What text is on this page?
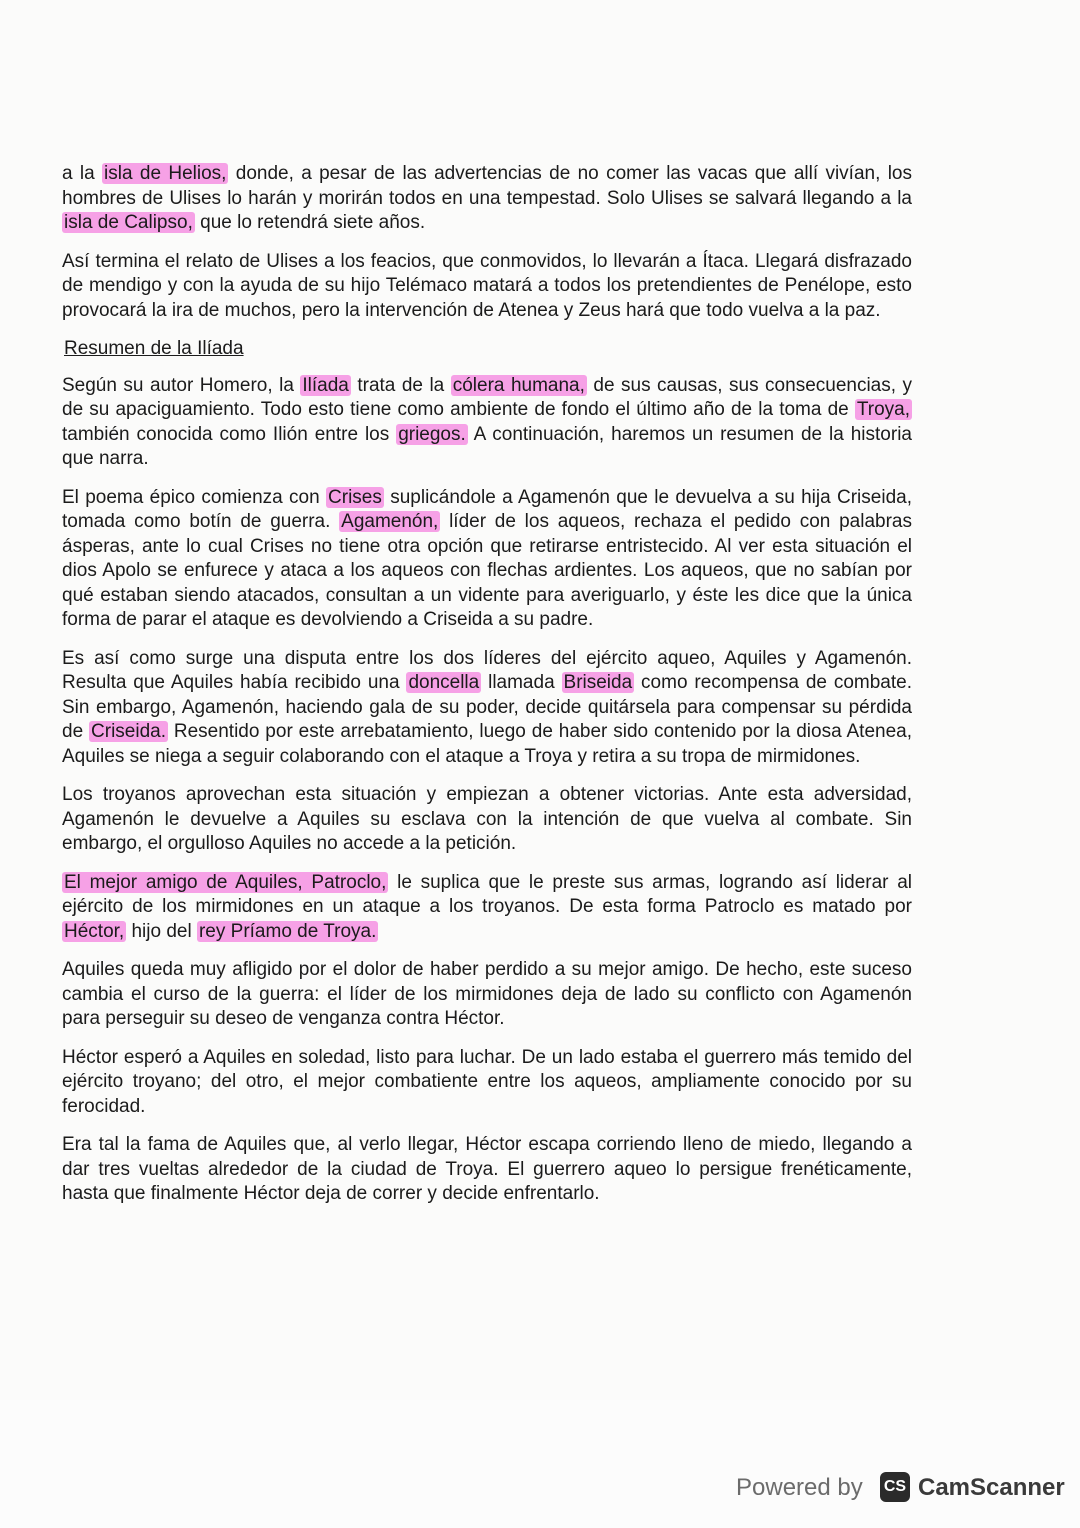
a la isla de Helios, donde, a pesar de las advertencias de no comer las vacas que allí vivían, los hombres de Ulises lo harán y morirán todos en una tempestad. Solo Ulises se salvará llegando a la isla de Calipso, que lo retendrá siete años.

Así termina el relato de Ulises a los feacios, que conmovidos, lo llevarán a Ítaca. Llegará disfrazado de mendigo y con la ayuda de su hijo Telémaco matará a todos los pretendientes de Penélope, esto provocará la ira de muchos, pero la intervención de Atenea y Zeus hará que todo vuelva a la paz.

Resumen de la Ilíada

Según su autor Homero, la Ilíada trata de la cólera humana, de sus causas, sus consecuencias, y de su apaciguamiento. Todo esto tiene como ambiente de fondo el último año de la toma de Troya, también conocida como Ilión entre los griegos. A continuación, haremos un resumen de la historia que narra.

El poema épico comienza con Crises suplicándole a Agamenón que le devuelva a su hija Criseida, tomada como botín de guerra. Agamenón, líder de los aqueos, rechaza el pedido con palabras ásperas, ante lo cual Crises no tiene otra opción que retirarse entristecido. Al ver esta situación el dios Apolo se enfurece y ataca a los aqueos con flechas ardientes. Los aqueos, que no sabían por qué estaban siendo atacados, consultan a un vidente para averiguarlo, y éste les dice que la única forma de parar el ataque es devolviendo a Criseida a su padre.

Es así como surge una disputa entre los dos líderes del ejército aqueo, Aquiles y Agamenón. Resulta que Aquiles había recibido una doncella llamada Briseida como recompensa de combate. Sin embargo, Agamenón, haciendo gala de su poder, decide quitársela para compensar su pérdida de Criseida. Resentido por este arrebatamiento, luego de haber sido contenido por la diosa Atenea, Aquiles se niega a seguir colaborando con el ataque a Troya y retira a su tropa de mirmidones.

Los troyanos aprovechan esta situación y empiezan a obtener victorias. Ante esta adversidad, Agamenón le devuelve a Aquiles su esclava con la intención de que vuelva al combate. Sin embargo, el orgulloso Aquiles no accede a la petición.

El mejor amigo de Aquiles, Patroclo, le suplica que le preste sus armas, logrando así liderar al ejército de los mirmidones en un ataque a los troyanos. De esta forma Patroclo es matado por Héctor, hijo del rey Príamo de Troya.

Aquiles queda muy afligido por el dolor de haber perdido a su mejor amigo. De hecho, este suceso cambia el curso de la guerra: el líder de los mirmidones deja de lado su conflicto con Agamenón para perseguir su deseo de venganza contra Héctor.

Héctor esperó a Aquiles en soledad, listo para luchar. De un lado estaba el guerrero más temido del ejército troyano; del otro, el mejor combatiente entre los aqueos, ampliamente conocido por su ferocidad.

Era tal la fama de Aquiles que, al verlo llegar, Héctor escapa corriendo lleno de miedo, llegando a dar tres vueltas alrededor de la ciudad de Troya. El guerrero aqueo lo persigue frenéticamente, hasta que finalmente Héctor deja de correr y decide enfrentarlo.

Powered by CS CamScanner
